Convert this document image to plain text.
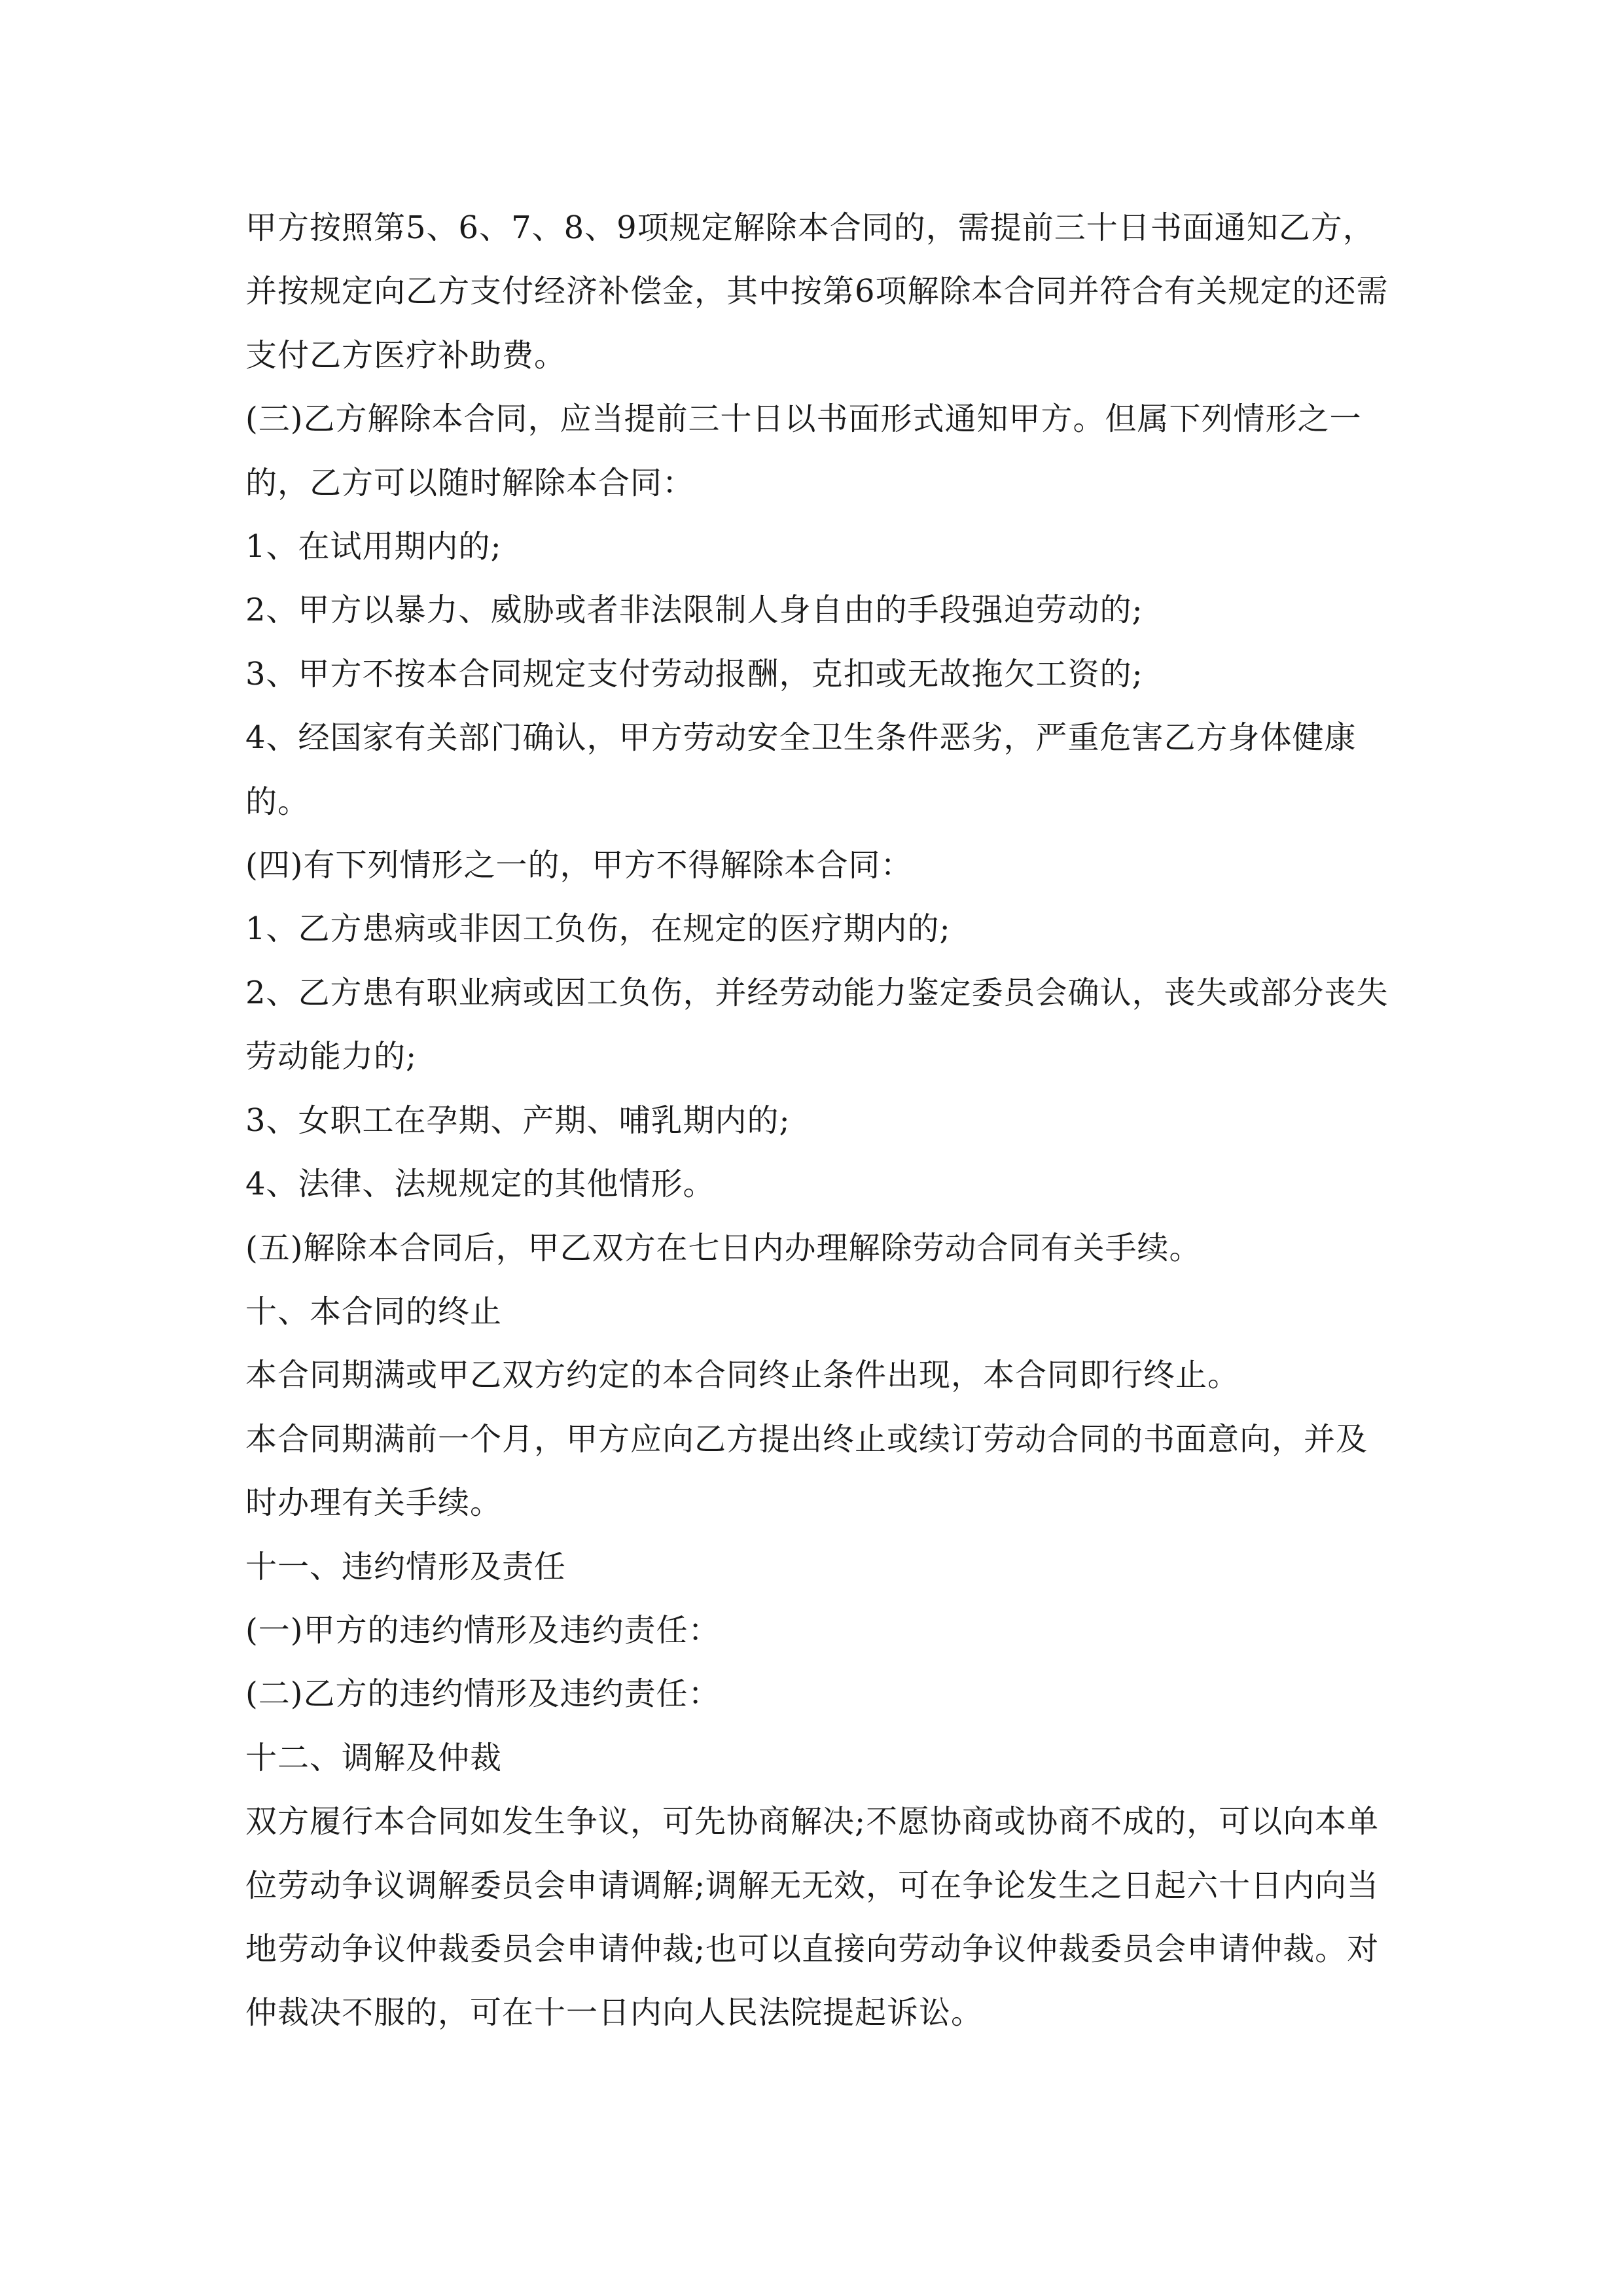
甲方按照第5、6、7、8、9项规定解除本合同的，需提前三十日书面通知乙方，并按规定向乙方支付经济补偿金，其中按第6项解除本合同并符合有关规定的还需支付乙方医疗补助费。

(三)乙方解除本合同，应当提前三十日以书面形式通知甲方。但属下列情形之一的，乙方可以随时解除本合同：

1、在试用期内的;

2、甲方以暴力、威胁或者非法限制人身自由的手段强迫劳动的;

3、甲方不按本合同规定支付劳动报酬，克扣或无故拖欠工资的;

4、经国家有关部门确认，甲方劳动安全卫生条件恶劣，严重危害乙方身体健康的。

(四)有下列情形之一的，甲方不得解除本合同：

1、乙方患病或非因工负伤，在规定的医疗期内的;

2、乙方患有职业病或因工负伤，并经劳动能力鉴定委员会确认，丧失或部分丧失劳动能力的;

3、女职工在孕期、产期、哺乳期内的;

4、法律、法规规定的其他情形。

(五)解除本合同后，甲乙双方在七日内办理解除劳动合同有关手续。

十、本合同的终止

本合同期满或甲乙双方约定的本合同终止条件出现，本合同即行终止。

本合同期满前一个月，甲方应向乙方提出终止或续订劳动合同的书面意向，并及时办理有关手续。

十一、违约情形及责任

(一)甲方的违约情形及违约责任：

(二)乙方的违约情形及违约责任：

十二、调解及仲裁

双方履行本合同如发生争议，可先协商解决;不愿协商或协商不成的，可以向本单位劳动争议调解委员会申请调解;调解无无效，可在争论发生之日起六十日内向当地劳动争议仲裁委员会申请仲裁;也可以直接向劳动争议仲裁委员会申请仲裁。对仲裁决不服的，可在十一日内向人民法院提起诉讼。
